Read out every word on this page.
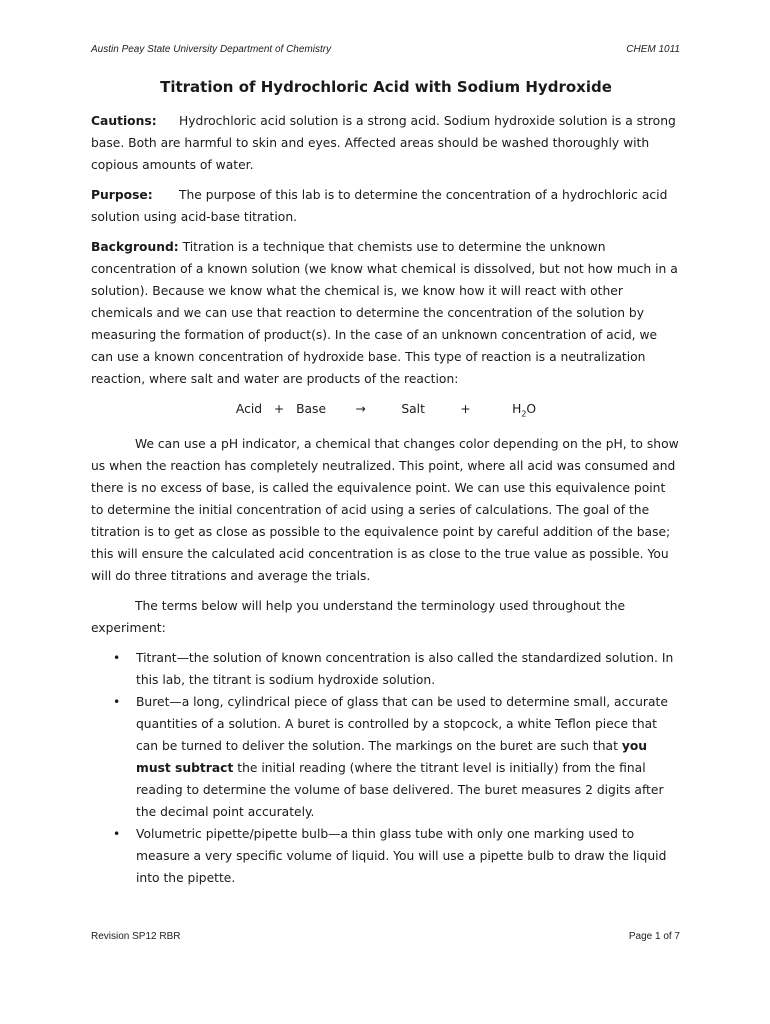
Austin Peay State University Department of Chemistry	CHEM 1011
Titration of Hydrochloric Acid with Sodium Hydroxide

Cautions: Hydrochloric acid solution is a strong acid. Sodium hydroxide solution is a strong base. Both are harmful to skin and eyes. Affected areas should be washed thoroughly with copious amounts of water.

Purpose: The purpose of this lab is to determine the concentration of a hydrochloric acid solution using acid-base titration.

Background: Titration is a technique that chemists use to determine the unknown concentration of a known solution (we know what chemical is dissolved, but not how much in a solution). Because we know what the chemical is, we know how it will react with other chemicals and we can use that reaction to determine the concentration of the solution by measuring the formation of product(s). In the case of an unknown concentration of acid, we can use a known concentration of hydroxide base. This type of reaction is a neutralization reaction, where salt and water are products of the reaction:

Acid + Base →	Salt	+	$H_2O$

We can use a pH indicator, a chemical that changes color depending on the pH, to show us when the reaction has completely neutralized. This point, where all acid was consumed and there is no excess of base, is called the equivalence point. We can use this equivalence point to determine the initial concentration of acid using a series of calculations. The goal of the titration is to get as close as possible to the equivalence point by careful addition of the base; this will ensure the calculated acid concentration is as close to the true value as possible. You will do three titrations and average the trials.

The terms below will help you understand the terminology used throughout the experiment:

• Titrant—the solution of known concentration is also called the standardized solution. In this lab, the titrant is sodium hydroxide solution.
• Buret—a long, cylindrical piece of glass that can be used to determine small, accurate quantities of a solution. A buret is controlled by a stopcock, a white Teflon piece that can be turned to deliver the solution. The markings on the buret are such that you must subtract the initial reading (where the titrant level is initially) from the final reading to determine the volume of base delivered. The buret measures 2 digits after the decimal point accurately.
• Volumetric pipette/pipette bulb—a thin glass tube with only one marking used to measure a very specific volume of liquid. You will use a pipette bulb to draw the liquid into the pipette.
Revision SP12 RBR	Page 1 of 7
